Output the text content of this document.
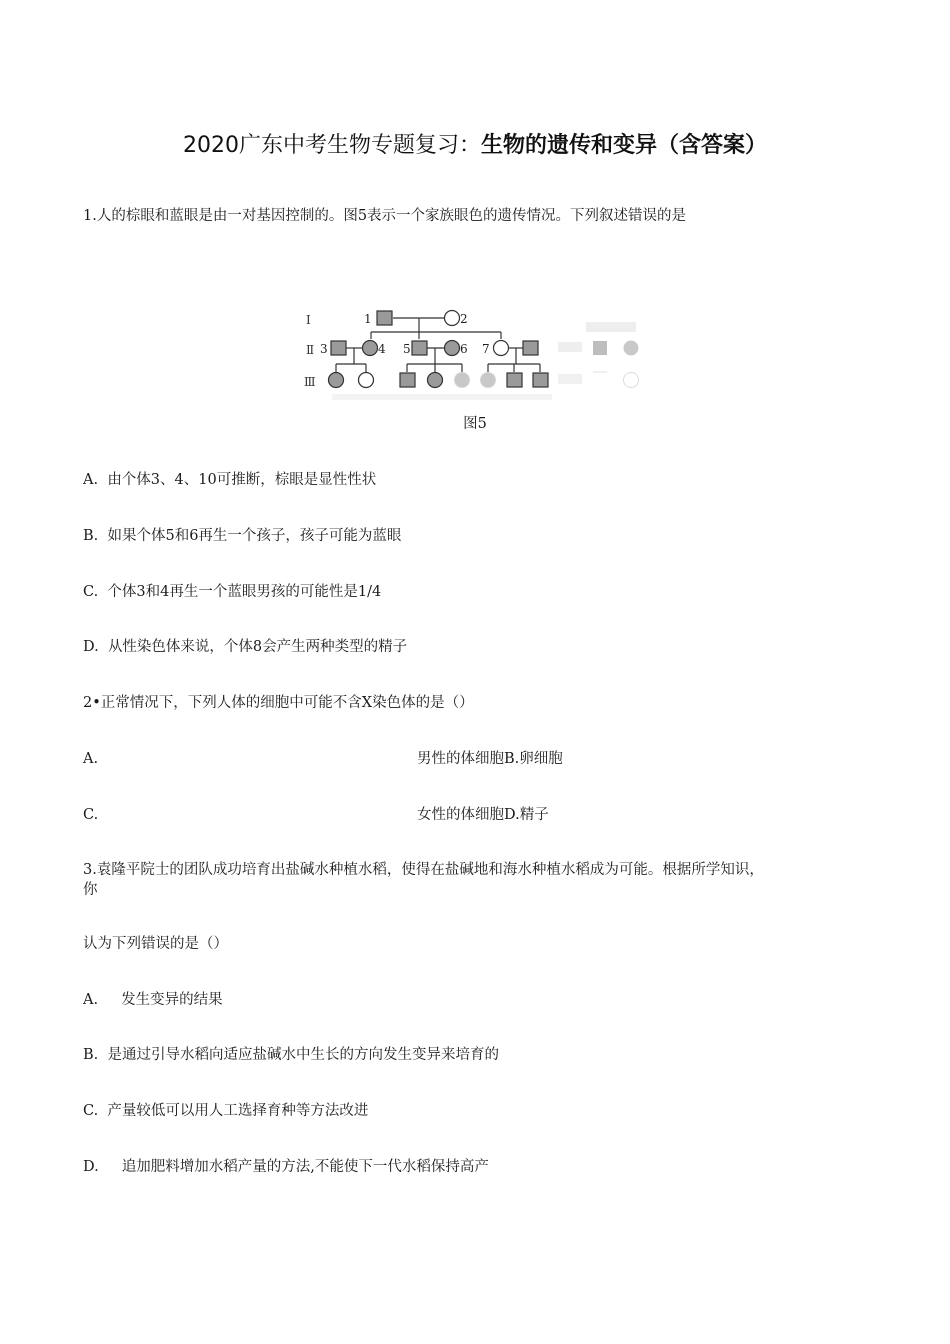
2020广东中考生物专题复习：生物的遗传和变异（含答案）
1.人的棕眼和蓝眼是由一对基因控制的。图5表示一个家族眼色的遗传情况。下列叙述错误的是
Ⅰ
Ⅱ
Ⅲ
1	2
3	4 5	6 7
图5
A. 由个体3、4、10可推断，棕眼是显性性状
B. 如果个体5和6再生一个孩子，孩子可能为蓝眼
C. 个体3和4再生一个蓝眼男孩的可能性是1/4
D. 从性染色体来说，个体8会产生两种类型的精子
2•正常情况下，下列人体的细胞中可能不含X染色体的是（）
A.	男性的体细胞B.卵细胞
C.	女性的体细胞D.精子
3.袁隆平院士的团队成功培育出盐碱水种植水稻，使得在盐碱地和海水种植水稻成为可能。根据所学知识，
你
认为下列错误的是（）
A. 发生变异的结果
B. 是通过引导水稻向适应盐碱水中生长的方向发生变异来培育的
C. 产量较低可以用人工选择育种等方法改进
D. 追加肥料增加水稻产量的方法,不能使下一代水稻保持高产
